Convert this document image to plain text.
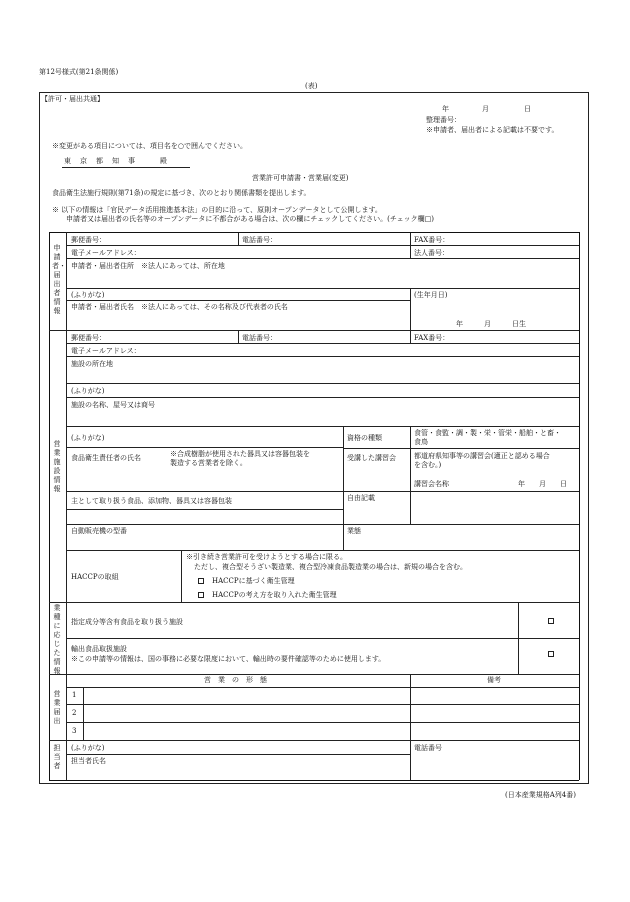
第12号様式(第21条関係)
(表)
【許可・届出共通】
年	月	日
整理番号：
※申請者、届出者による記載は不要です。
※変更がある項目については、項目名を○で囲んでください。
東　京　都　知　事　　　殿
営業許可申請書・営業届(変更)
食品衛生法施行規則(第71条)の規定に基づき、次のとおり関係書類を提出します。
※ 以下の情報は「官民データ活用推進基本法」の目的に沿って、原則オープンデータとして公開します。
申請者又は届出者の氏名等のオープンデータに不都合がある場合は、次の欄にチェックしてください。(チェック欄□)
申請者・届出者情報
郵便番号：	電話番号：	FAX番号：
電子メールアドレス：	法人番号：
申請者・届出者住所　※法人にあっては、所在地
(ふりがな)	(生年月日)
申請者・届出者氏名　※法人にあっては、その名称及び代表者の氏名
年　　　月　　　日生
営業施設情報
郵便番号：	電話番号：	FAX番号：
電子メールアドレス：
施設の所在地
(ふりがな)
施設の名称、屋号又は商号
(ふりがな)	資格の種類
食管・食監・調・製・栄・管栄・船舶・と畜・
食鳥
食品衛生責任者の氏名	※合成樹脂が使用された器具又は容器包装を
製造する営業者を除く。
受講した講習会	都道府県知事等の講習会(適正と認める場合
を含む。)
講習会名称	年　　月　　日
主として取り扱う食品、添加物、器具又は容器包装	自由記載
自動販売機の型番	業態
HACCPの取組
※引き続き営業許可を受けようとする場合に限る。
ただし、複合型そうざい製造業、複合型冷凍食品製造業の場合は、新規の場合を含む。
HACCPに基づく衛生管理
HACCPの考え方を取り入れた衛生管理
業種に応じた情報
指定成分等含有食品を取り扱う施設
輸出食品取扱施設
※この申請等の情報は、国の事務に必要な限度において、輸出時の要件確認等のために使用します。
営業届出
営　業　の　形　態	備考
1
2
3
担当者
(ふりがな)	電話番号
担当者氏名
(日本産業規格A列4番)
